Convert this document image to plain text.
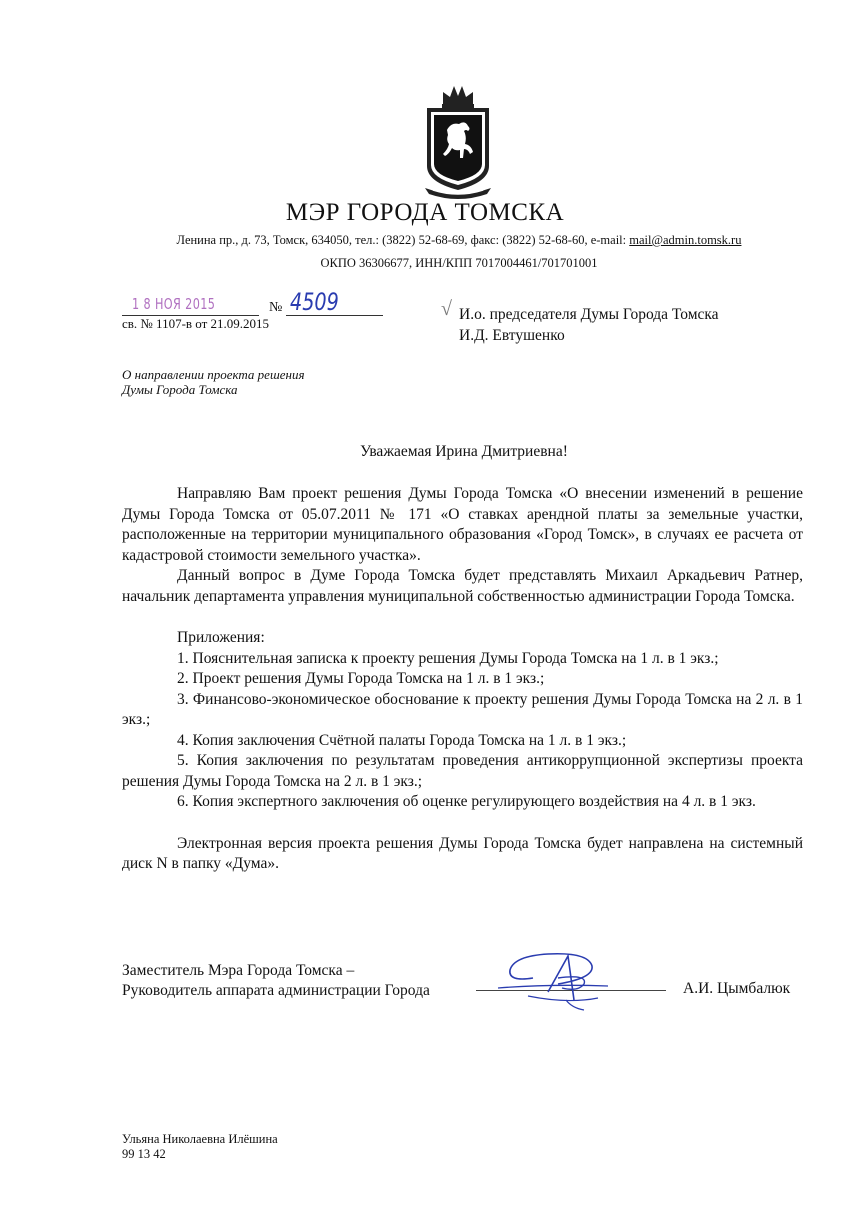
МЭР ГОРОДА ТОМСКА
Ленина пр., д. 73, Томск, 634050, тел.: (3822) 52-68-69, факс: (3822) 52-68-60, e-mail: mail@admin.tomsk.ru
ОКПО 36306677, ИНН/КПП 7017004461/701701001
1 8 НОЯ 2015	№ 4509
св. № 1107-в от 21.09.2015
√ И.о. председателя Думы Города Томска
И.Д. Евтушенко
О направлении проекта решения
Думы Города Томска
Уважаемая Ирина Дмитриевна!

Направляю Вам проект решения Думы Города Томска «О внесении изменений в решение Думы Города Томска от 05.07.2011 № 171 «О ставках арендной платы за земельные участки, расположенные на территории муниципального образования «Город Томск», в случаях ее расчета от кадастровой стоимости земельного участка».

Данный вопрос в Думе Города Томска будет представлять Михаил Аркадьевич Ратнер, начальник департамента управления муниципальной собственностью администрации Города Томска.

Приложения:

1. Пояснительная записка к проекту решения Думы Города Томска на 1 л. в 1 экз.;

2. Проект решения Думы Города Томска на 1 л. в 1 экз.;

3. Финансово-экономическое обоснование к проекту решения Думы Города Томска на 2 л. в 1 экз.;

4. Копия заключения Счётной палаты Города Томска на 1 л. в 1 экз.;

5. Копия заключения по результатам проведения антикоррупционной экспертизы проекта решения Думы Города Томска на 2 л. в 1 экз.;

6. Копия экспертного заключения об оценке регулирующего воздействия на 4 л. в 1 экз.

Электронная версия проекта решения Думы Города Томска будет направлена на системный диск N в папку «Дума».

Заместитель Мэра Города Томска –
Руководитель аппарата администрации Города	А.И. Цымбалюк
Ульяна Николаевна Илёшина
99 13 42
